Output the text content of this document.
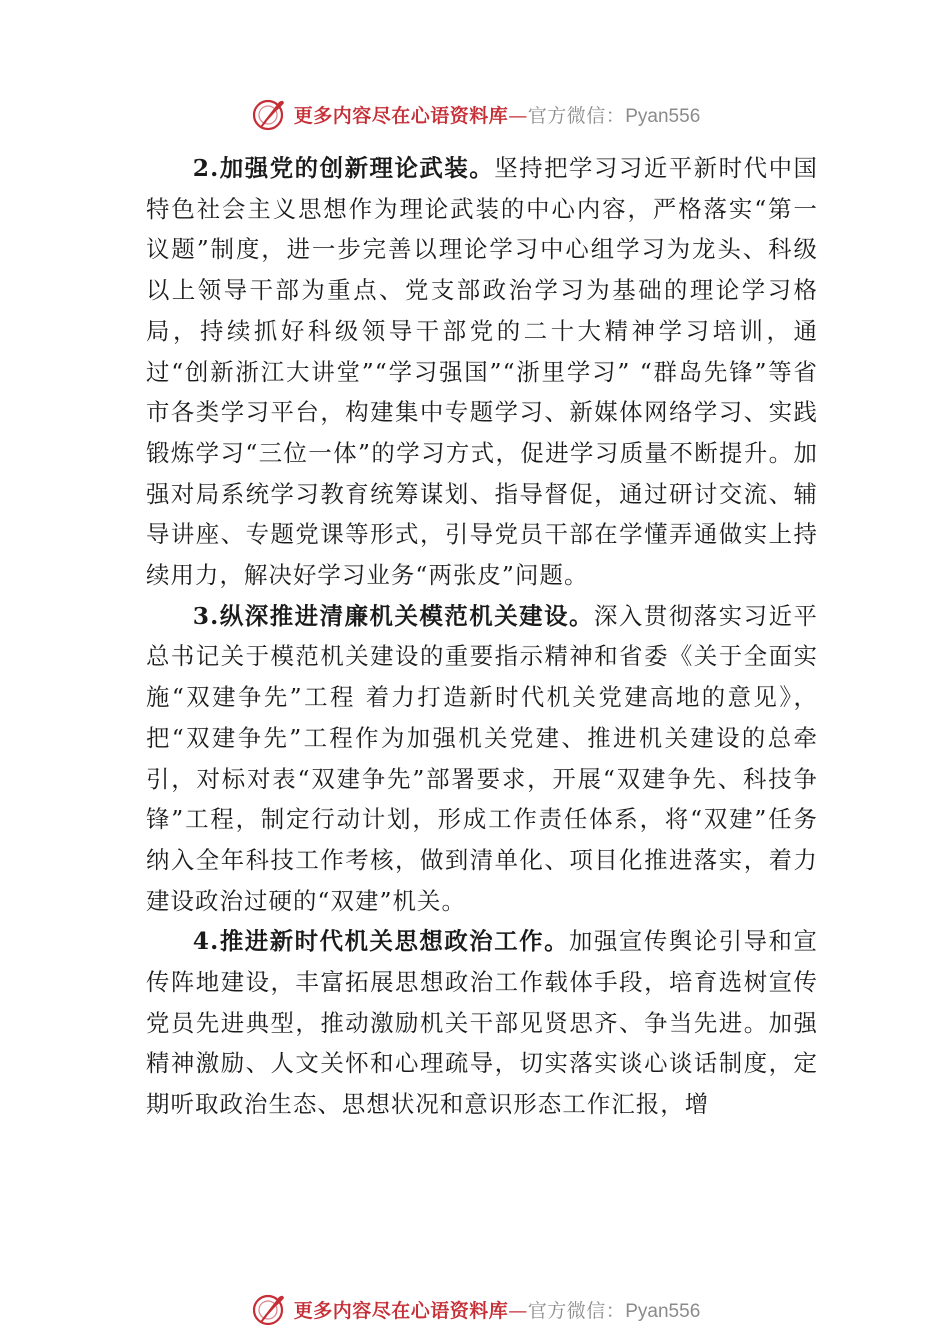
更多内容尽在心语资料库—官方微信：Pyan556

2.加强党的创新理论武装。坚持把学习习近平新时代中国特色社会主义思想作为理论武装的中心内容，严格落实“第一议题”制度，进一步完善以理论学习中心组学习为龙头、科级以上领导干部为重点、党支部政治学习为基础的理论学习格局，持续抓好科级领导干部党的二十大精神学习培训，通过“创新浙江大讲堂”“学习强国”“浙里学习” “群岛先锋”等省市各类学习平台，构建集中专题学习、新媒体网络学习、实践锻炼学习“三位一体”的学习方式，促进学习质量不断提升。加强对局系统学习教育统筹谋划、指导督促，通过研讨交流、辅导讲座、专题党课等形式，引导党员干部在学懂弄通做实上持续用力，解决好学习业务“两张皮”问题。

3.纵深推进清廉机关模范机关建设。深入贯彻落实习近平总书记关于模范机关建设的重要指示精神和省委《关于全面实施“双建争先”工程 着力打造新时代机关党建高地的意见》，把“双建争先”工程作为加强机关党建、推进机关建设的总牵引，对标对表“双建争先”部署要求，开展“双建争先、科技争锋”工程，制定行动计划，形成工作责任体系，将“双建”任务纳入全年科技工作考核，做到清单化、项目化推进落实，着力建设政治过硬的“双建”机关。

4.推进新时代机关思想政治工作。加强宣传舆论引导和宣传阵地建设，丰富拓展思想政治工作载体手段，培育选树宣传党员先进典型，推动激励机关干部见贤思齐、争当先进。加强精神激励、人文关怀和心理疏导，切实落实谈心谈话制度，定期听取政治生态、思想状况和意识形态工作汇报，增

更多内容尽在心语资料库—官方微信：Pyan556
